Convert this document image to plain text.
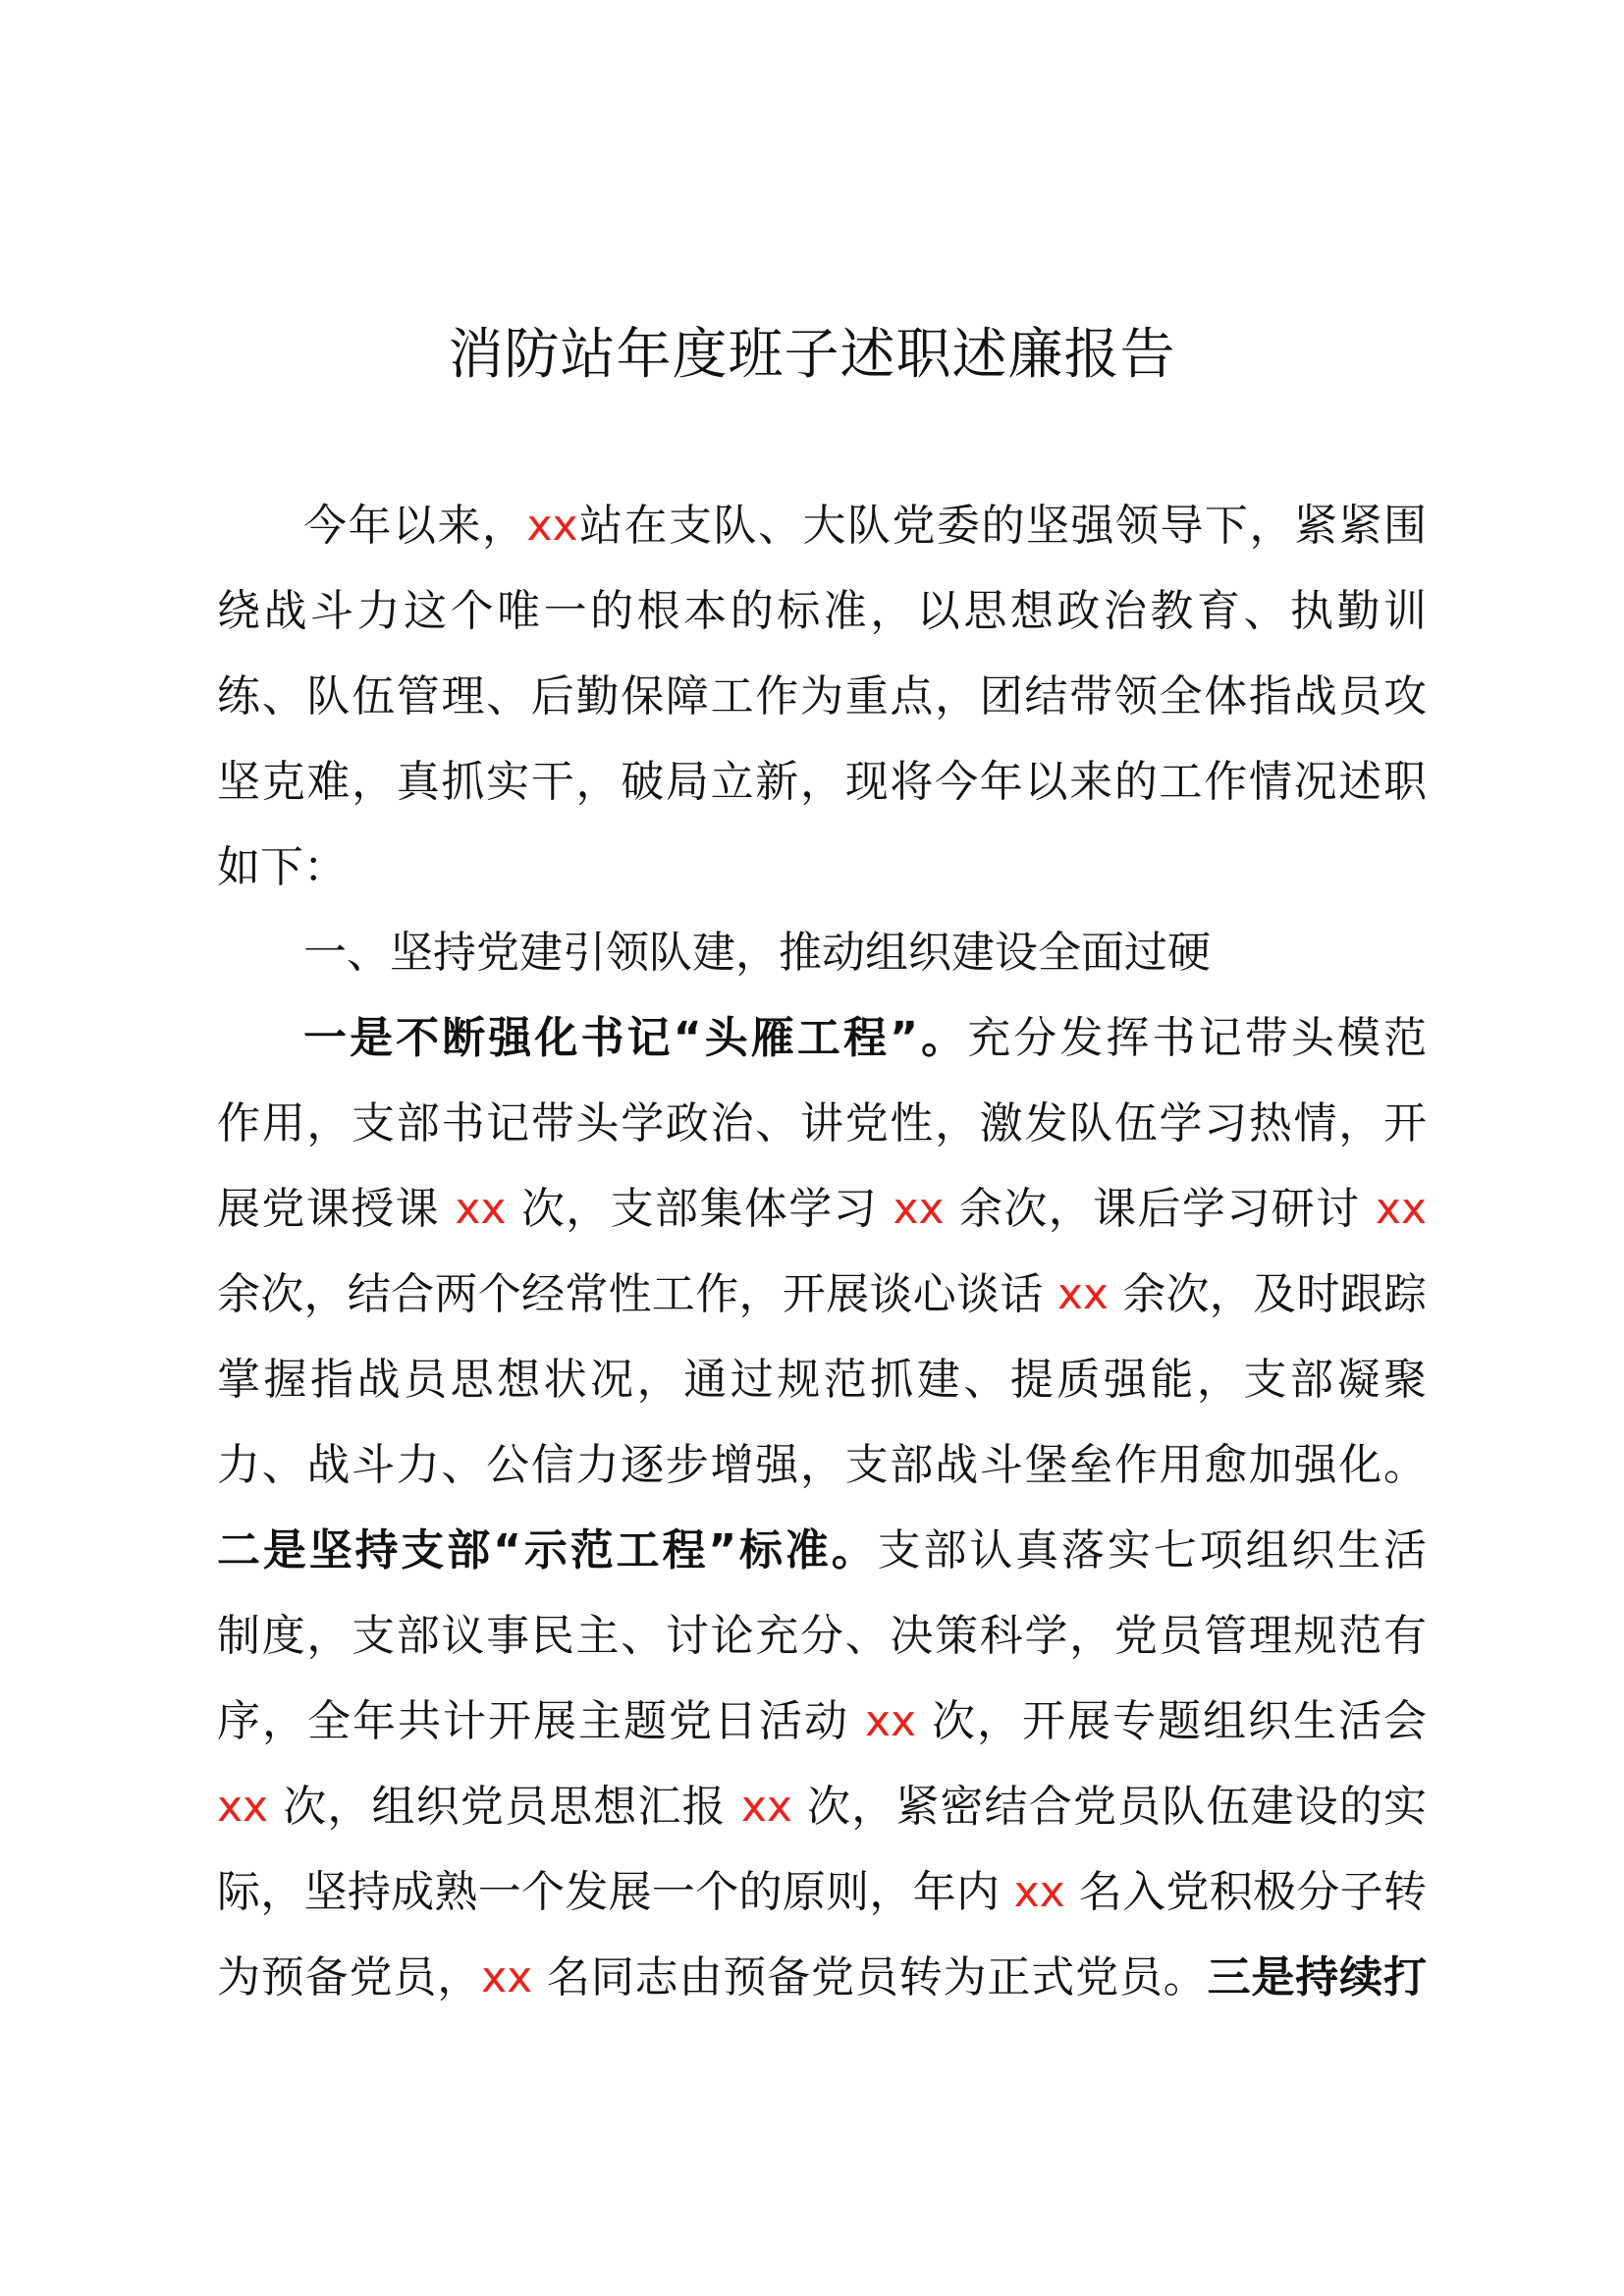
消防站年度班子述职述廉报告
今年以来，xx站在支队、大队党委的坚强领导下，紧紧围
绕战斗力这个唯一的根本的标准，以思想政治教育、执勤训
练、队伍管理、后勤保障工作为重点，团结带领全体指战员攻
坚克难，真抓实干，破局立新，现将今年以来的工作情况述职
如下：
一、坚持党建引领队建，推动组织建设全面过硬
一是不断强化书记“头雁工程”。充分发挥书记带头模范
作用，支部书记带头学政治、讲党性，激发队伍学习热情，开
展党课授课 xx 次，支部集体学习 xx 余次，课后学习研讨 xx
余次，结合两个经常性工作，开展谈心谈话 xx 余次，及时跟踪
掌握指战员思想状况，通过规范抓建、提质强能，支部凝聚
力、战斗力、公信力逐步增强，支部战斗堡垒作用愈加强化。
二是坚持支部“示范工程”标准。支部认真落实七项组织生活
制度，支部议事民主、讨论充分、决策科学，党员管理规范有
序，全年共计开展主题党日活动 xx 次，开展专题组织生活会
xx 次，组织党员思想汇报 xx 次，紧密结合党员队伍建设的实
际，坚持成熟一个发展一个的原则，年内 xx 名入党积极分子转
为预备党员，xx 名同志由预备党员转为正式党员。三是持续打
